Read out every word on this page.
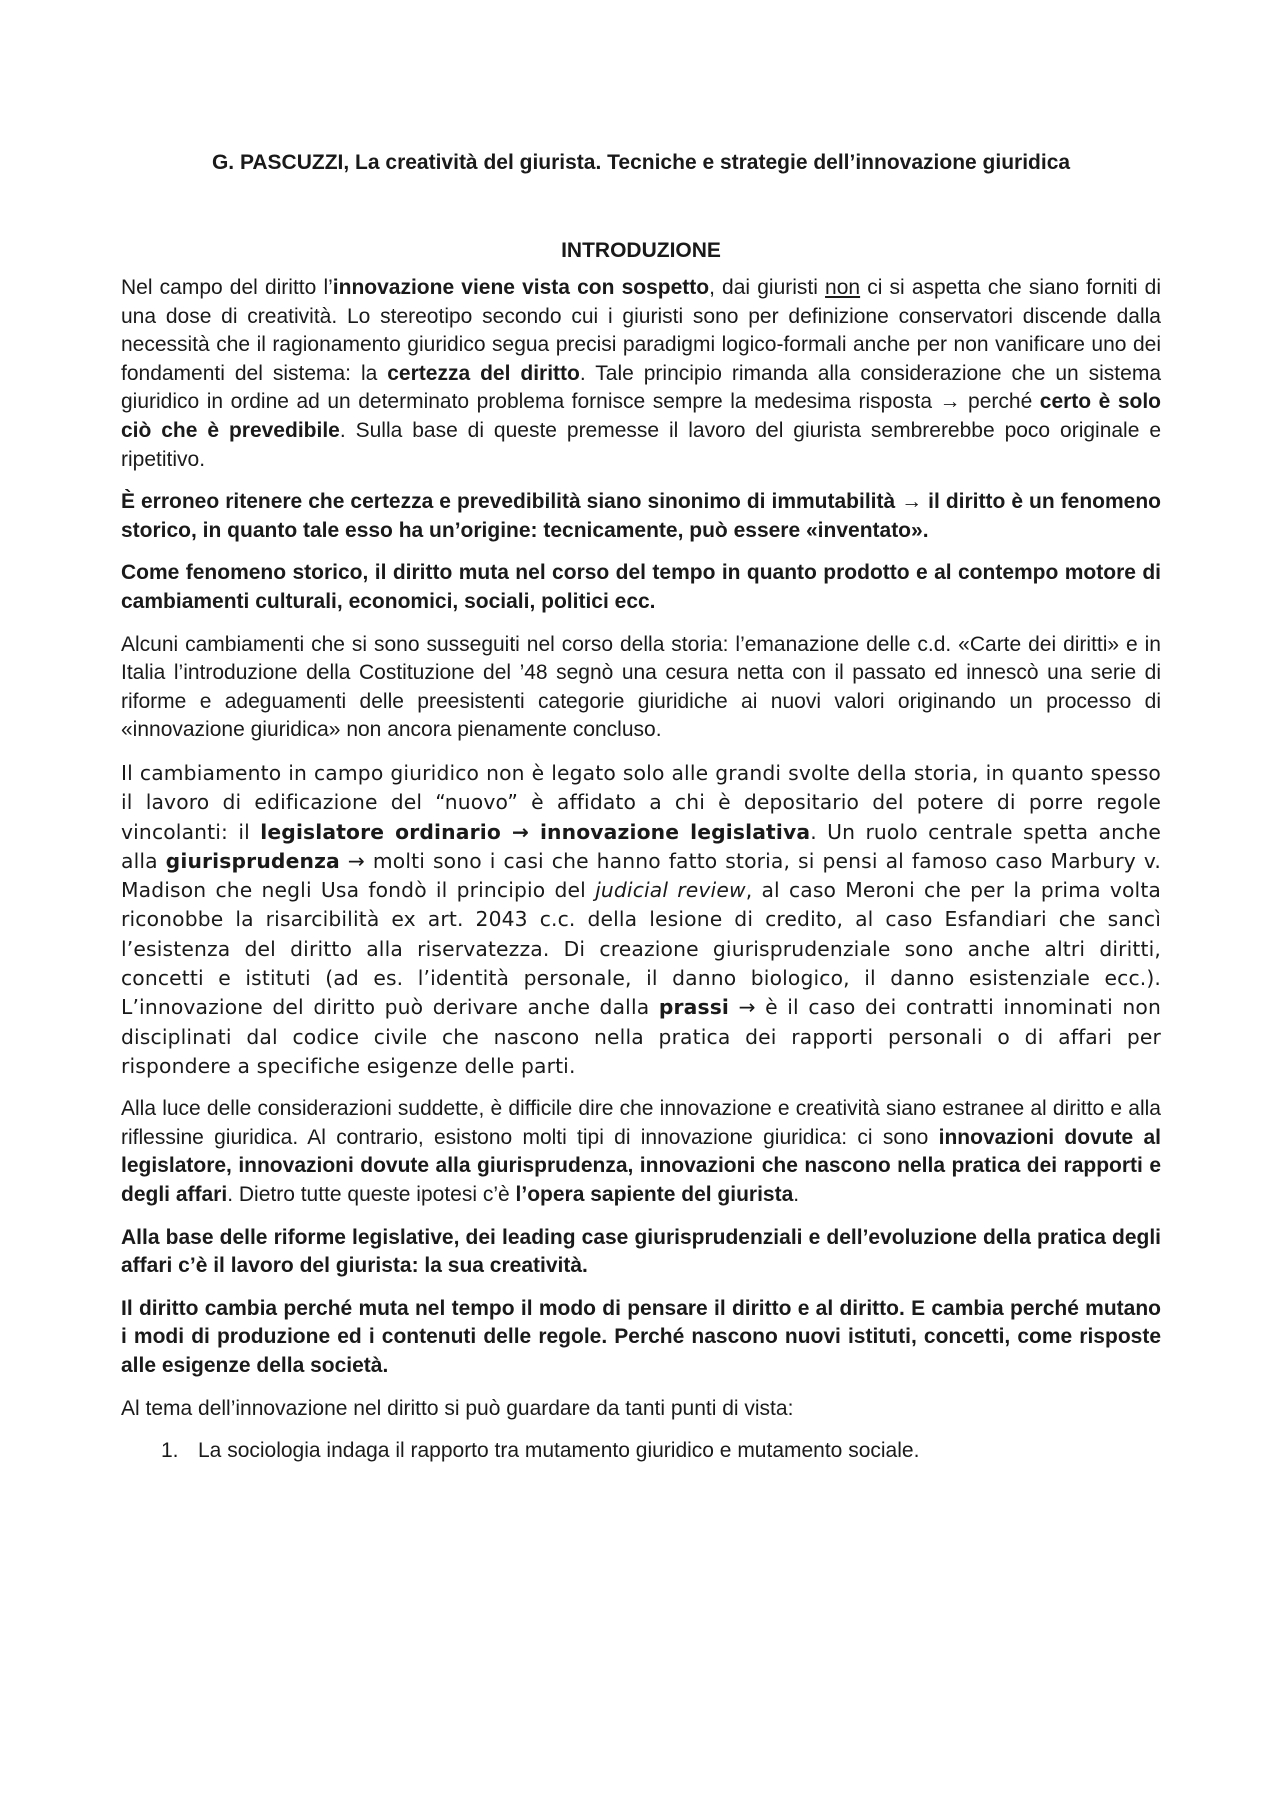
G. PASCUZZI, La creatività del giurista. Tecniche e strategie dell’innovazione giuridica
INTRODUZIONE

Nel campo del diritto l’innovazione viene vista con sospetto, dai giuristi non ci si aspetta che siano forniti di una dose di creatività. Lo stereotipo secondo cui i giuristi sono per definizione conservatori discende dalla necessità che il ragionamento giuridico segua precisi paradigmi logico-formali anche per non vanificare uno dei fondamenti del sistema: la certezza del diritto. Tale principio rimanda alla considerazione che un sistema giuridico in ordine ad un determinato problema fornisce sempre la medesima risposta → perché certo è solo ciò che è prevedibile. Sulla base di queste premesse il lavoro del giurista sembrerebbe poco originale e ripetitivo.

È erroneo ritenere che certezza e prevedibilità siano sinonimo di immutabilità → il diritto è un fenomeno storico, in quanto tale esso ha un’origine: tecnicamente, può essere «inventato».

Come fenomeno storico, il diritto muta nel corso del tempo in quanto prodotto e al contempo motore di cambiamenti culturali, economici, sociali, politici ecc.

Alcuni cambiamenti che si sono susseguiti nel corso della storia: l’emanazione delle c.d. «Carte dei diritti» e in Italia l’introduzione della Costituzione del ’48 segnò una cesura netta con il passato ed innescò una serie di riforme e adeguamenti delle preesistenti categorie giuridiche ai nuovi valori originando un processo di «innovazione giuridica» non ancora pienamente concluso.

Il cambiamento in campo giuridico non è legato solo alle grandi svolte della storia, in quanto spesso il lavoro di edificazione del “nuovo” è affidato a chi è depositario del potere di porre regole vincolanti: il legislatore ordinario → innovazione legislativa. Un ruolo centrale spetta anche alla giurisprudenza → molti sono i casi che hanno fatto storia, si pensi al famoso caso Marbury v. Madison che negli Usa fondò il principio del judicial review, al caso Meroni che per la prima volta riconobbe la risarcibilità ex art. 2043 c.c. della lesione di credito, al caso Esfandiari che sancì l’esistenza del diritto alla riservatezza. Di creazione giurisprudenziale sono anche altri diritti, concetti e istituti (ad es. l’identità personale, il danno biologico, il danno esistenziale ecc.). L’innovazione del diritto può derivare anche dalla prassi → è il caso dei contratti innominati non disciplinati dal codice civile che nascono nella pratica dei rapporti personali o di affari per rispondere a specifiche esigenze delle parti.

Alla luce delle considerazioni suddette, è difficile dire che innovazione e creatività siano estranee al diritto e alla riflessine giuridica. Al contrario, esistono molti tipi di innovazione giuridica: ci sono innovazioni dovute al legislatore, innovazioni dovute alla giurisprudenza, innovazioni che nascono nella pratica dei rapporti e degli affari. Dietro tutte queste ipotesi c’è l’opera sapiente del giurista.

Alla base delle riforme legislative, dei leading case giurisprudenziali e dell’evoluzione della pratica degli affari c’è il lavoro del giurista: la sua creatività.

Il diritto cambia perché muta nel tempo il modo di pensare il diritto e al diritto. E cambia perché mutano i modi di produzione ed i contenuti delle regole. Perché nascono nuovi istituti, concetti, come risposte alle esigenze della società.

Al tema dell’innovazione nel diritto si può guardare da tanti punti di vista:

1. La sociologia indaga il rapporto tra mutamento giuridico e mutamento sociale.
